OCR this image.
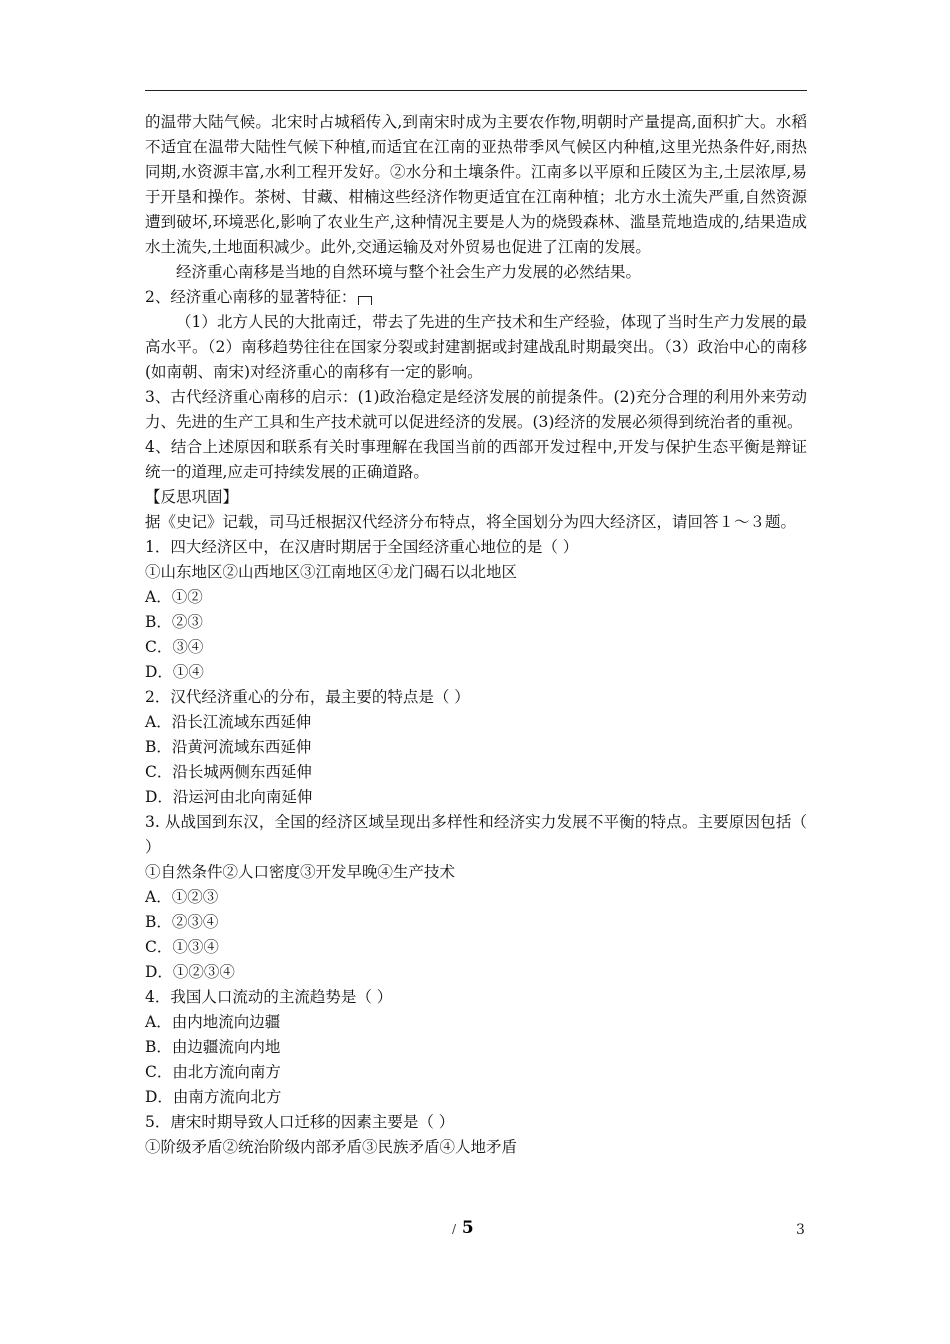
的温带大陆气候。北宋时占城稻传入,到南宋时成为主要农作物,明朝时产量提高,面积扩大。水稻不适宜在温带大陆性气候下种植,而适宜在江南的亚热带季风气候区内种植,这里光热条件好,雨热同期,水资源丰富,水利工程开发好。②水分和土壤条件。江南多以平原和丘陵区为主,土层浓厚,易于开垦和操作。茶树、甘藏、柑楠这些经济作物更适宜在江南种植；北方水土流失严重,自然资源遭到破坏,环境恶化,影响了农业生产,这种情况主要是人为的烧毁森林、滥垦荒地造成的,结果造成水土流失,土地面积减少。此外,交通运输及对外贸易也促进了江南的发展。

经济重心南移是当地的自然环境与整个社会生产力发展的必然结果。

2、经济重心南移的显著特征：

（1）北方人民的大批南迁，带去了先进的生产技术和生产经验，体现了当时生产力发展的最高水平。（2）南移趋势往往在国家分裂或封建割据或封建战乱时期最突出。（3）政治中心的南移(如南朝、南宋)对经济重心的南移有一定的影响。

3、古代经济重心南移的启示：(1)政治稳定是经济发展的前提条件。(2)充分合理的利用外来劳动力、先进的生产工具和生产技术就可以促进经济的发展。(3)经济的发展必须得到统治者的重视。

4、结合上述原因和联系有关时事理解在我国当前的西部开发过程中,开发与保护生态平衡是辩证统一的道理,应走可持续发展的正确道路。

【反思巩固】

据《史记》记载，司马迁根据汉代经济分布特点，将全国划分为四大经济区，请回答１～３题。

1．四大经济区中，在汉唐时期居于全国经济重心地位的是（ ）

①山东地区②山西地区③江南地区④龙门碣石以北地区

A．①②

B．②③

C．③④

D．①④

2．汉代经济重心的分布，最主要的特点是（ ）

A．沿长江流域东西延伸

B．沿黄河流域东西延伸

C．沿长城两侧东西延伸

D．沿运河由北向南延伸

3. 从战国到东汉，全国的经济区域呈现出多样性和经济实力发展不平衡的特点。主要原因包括（ ）

①自然条件②人口密度③开发早晚④生产技术

A．①②③

B．②③④

C．①③④

D．①②③④

4．我国人口流动的主流趋势是（ ）

A．由内地流向边疆

B．由边疆流向内地

C．由北方流向南方

D．由南方流向北方

5．唐宋时期导致人口迁移的因素主要是（ ）

①阶级矛盾②统治阶级内部矛盾③民族矛盾④人地矛盾

/ 5	3
